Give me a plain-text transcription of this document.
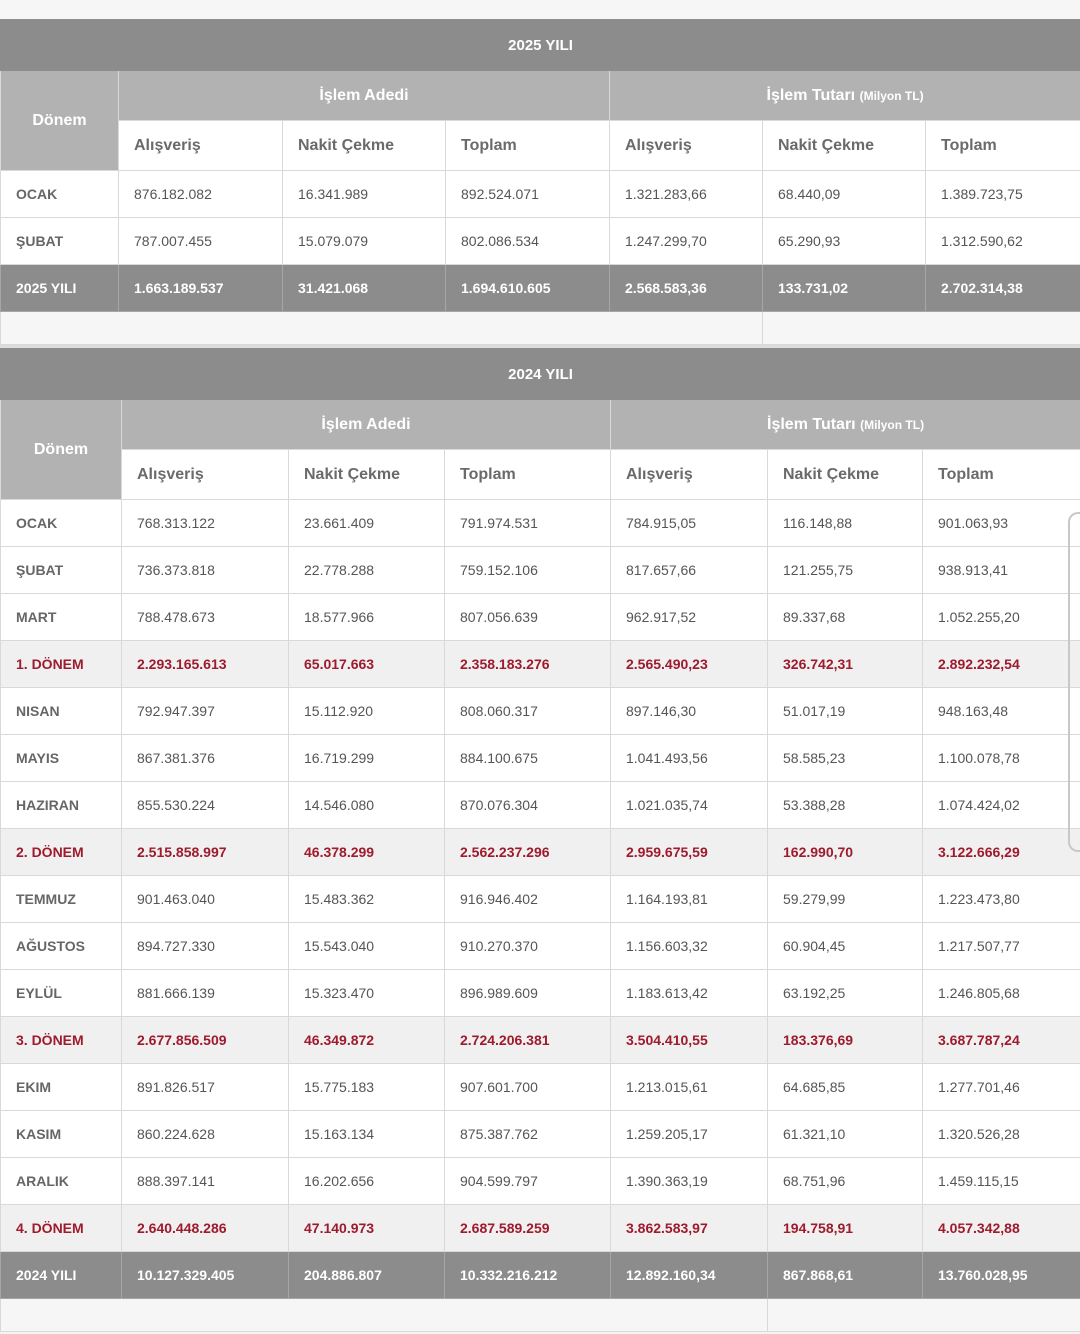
2025 YILI						
Dönem	İşlem Adedi			İşlem Tutarı (Milyon TL)		
	Alışveriş	Nakit Çekme	Toplam	Alışveriş	Nakit Çekme	Toplam
OCAK	876.182.082	16.341.989	892.524.071	1.321.283,66	68.440,09	1.389.723,75
ŞUBAT	787.007.455	15.079.079	802.086.534	1.247.299,70	65.290,93	1.312.590,62
2025 YILI	1.663.189.537	31.421.068	1.694.610.605	2.568.583,36	133.731,02	2.702.314,38

2024 YILI						
Dönem	İşlem Adedi			İşlem Tutarı (Milyon TL)		
	Alışveriş	Nakit Çekme	Toplam	Alışveriş	Nakit Çekme	Toplam
OCAK	768.313.122	23.661.409	791.974.531	784.915,05	116.148,88	901.063,93
ŞUBAT	736.373.818	22.778.288	759.152.106	817.657,66	121.255,75	938.913,41
MART	788.478.673	18.577.966	807.056.639	962.917,52	89.337,68	1.052.255,20
1. DÖNEM	2.293.165.613	65.017.663	2.358.183.276	2.565.490,23	326.742,31	2.892.232,54
NISAN	792.947.397	15.112.920	808.060.317	897.146,30	51.017,19	948.163,48
MAYIS	867.381.376	16.719.299	884.100.675	1.041.493,56	58.585,23	1.100.078,78
HAZIRAN	855.530.224	14.546.080	870.076.304	1.021.035,74	53.388,28	1.074.424,02
2. DÖNEM	2.515.858.997	46.378.299	2.562.237.296	2.959.675,59	162.990,70	3.122.666,29
TEMMUZ	901.463.040	15.483.362	916.946.402	1.164.193,81	59.279,99	1.223.473,80
AĞUSTOS	894.727.330	15.543.040	910.270.370	1.156.603,32	60.904,45	1.217.507,77
EYLÜL	881.666.139	15.323.470	896.989.609	1.183.613,42	63.192,25	1.246.805,68
3. DÖNEM	2.677.856.509	46.349.872	2.724.206.381	3.504.410,55	183.376,69	3.687.787,24
EKIM	891.826.517	15.775.183	907.601.700	1.213.015,61	64.685,85	1.277.701,46
KASIM	860.224.628	15.163.134	875.387.762	1.259.205,17	61.321,10	1.320.526,28
ARALIK	888.397.141	16.202.656	904.599.797	1.390.363,19	68.751,96	1.459.115,15
4. DÖNEM	2.640.448.286	47.140.973	2.687.589.259	3.862.583,97	194.758,91	4.057.342,88
2024 YILI	10.127.329.405	204.886.807	10.332.216.212	12.892.160,34	867.868,61	13.760.028,95
